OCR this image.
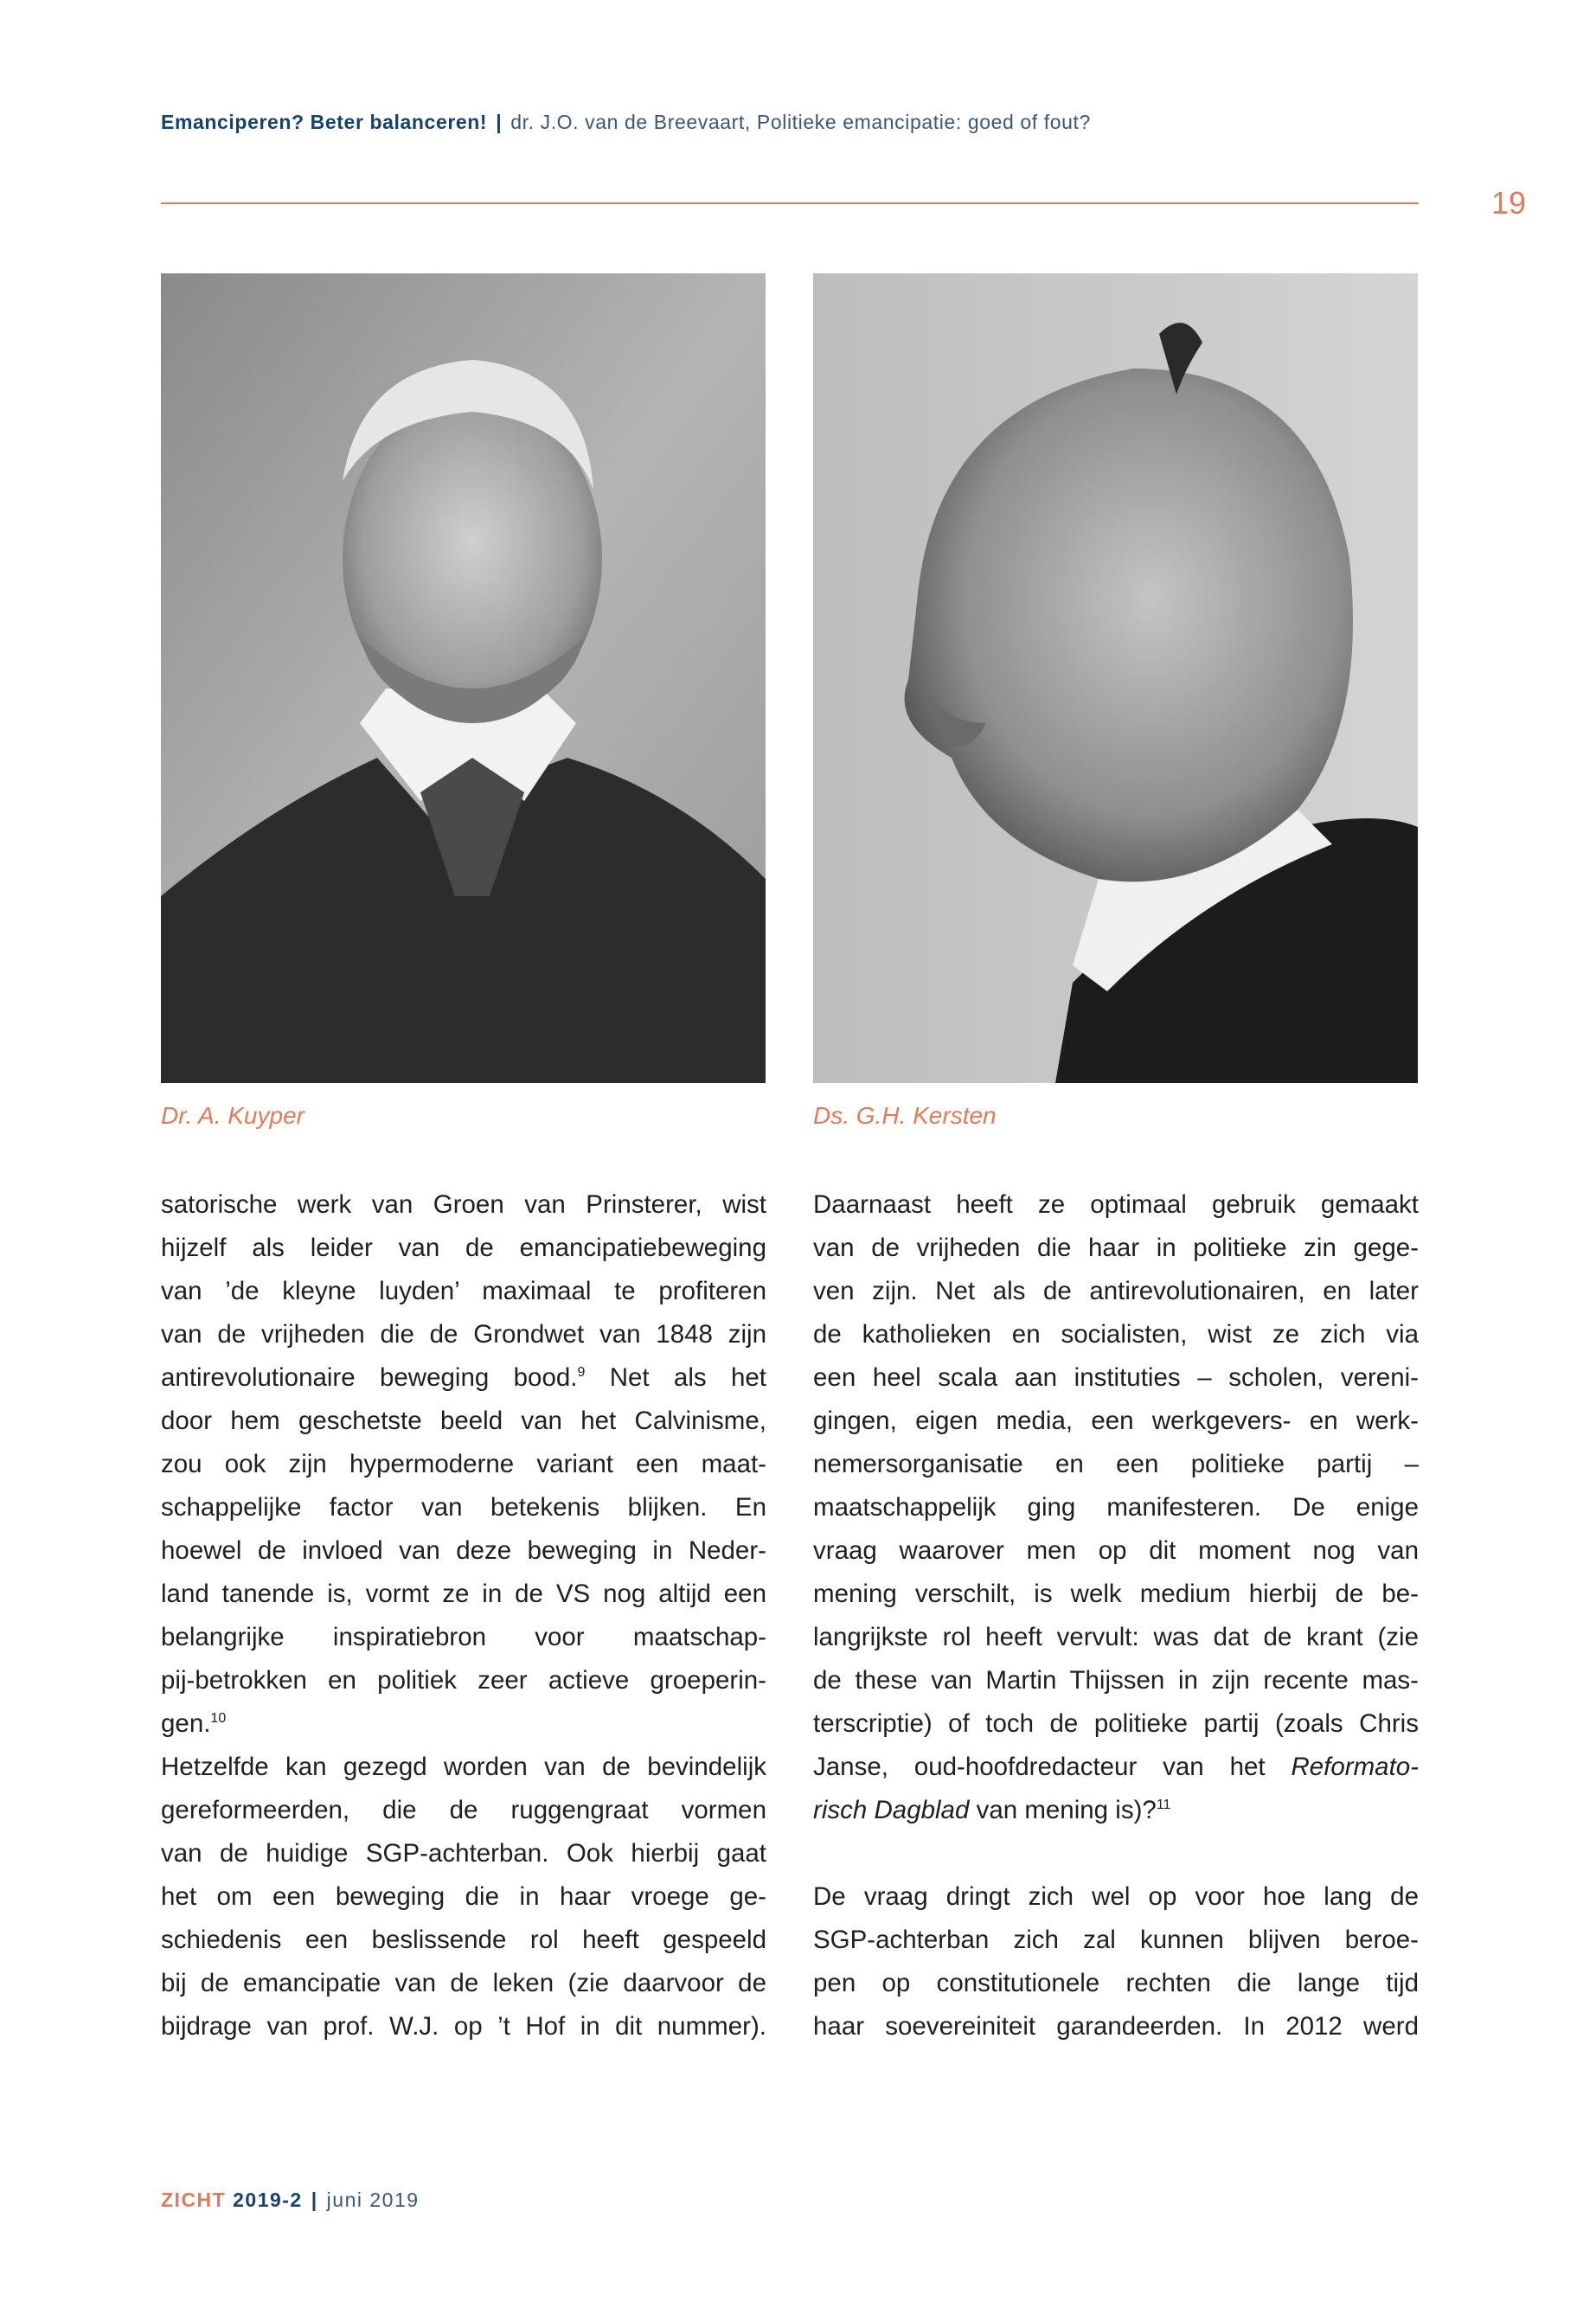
Emanciperen? Beter balanceren! | dr. J.O. van de Breevaart, Politieke emancipatie: goed of fout?
19
Dr. A. Kuyper	Ds. G.H. Kersten
satorische werk van Groen van Prinsterer, wist
hijzelf als leider van de emancipatiebeweging
van ’de kleyne luyden’ maximaal te profiteren
van de vrijheden die de Grondwet van 1848 zijn
antirevolutionaire beweging bood.$^9$ Net als het
door hem geschetste beeld van het Calvinisme,
zou ook zijn hypermoderne variant een maat-
schappelijke factor van betekenis blijken. En
hoewel de invloed van deze beweging in Neder-
land tanende is, vormt ze in de VS nog altijd een
belangrijke inspiratiebron voor maatschap-
pij-betrokken en politiek zeer actieve groeperin-
gen.$^{10}$
Hetzelfde kan gezegd worden van de bevindelijk
gereformeerden, die de ruggengraat vormen
van de huidige SGP-achterban. Ook hierbij gaat
het om een beweging die in haar vroege ge-
schiedenis een beslissende rol heeft gespeeld
bij de emancipatie van de leken (zie daarvoor de
bijdrage van prof. W.J. op ’t Hof in dit nummer).
Daarnaast heeft ze optimaal gebruik gemaakt
van de vrijheden die haar in politieke zin gege-
ven zijn. Net als de antirevolutionairen, en later
de katholieken en socialisten, wist ze zich via
een heel scala aan instituties – scholen, vereni-
gingen, eigen media, een werkgevers- en werk-
nemersorganisatie en een politieke partij –
maatschappelijk ging manifesteren. De enige
vraag waarover men op dit moment nog van
mening verschilt, is welk medium hierbij de be-
langrijkste rol heeft vervult: was dat de krant (zie
de these van Martin Thijssen in zijn recente mas-
terscriptie) of toch de politieke partij (zoals Chris
Janse, oud-hoofdredacteur van het Reformato-
risch Dagblad van mening is)?$^{11}$
De vraag dringt zich wel op voor hoe lang de
SGP-achterban zich zal kunnen blijven beroe-
pen op constitutionele rechten die lange tijd
haar soevereiniteit garandeerden. In 2012 werd
ZICHT 2019-2 | juni 2019
